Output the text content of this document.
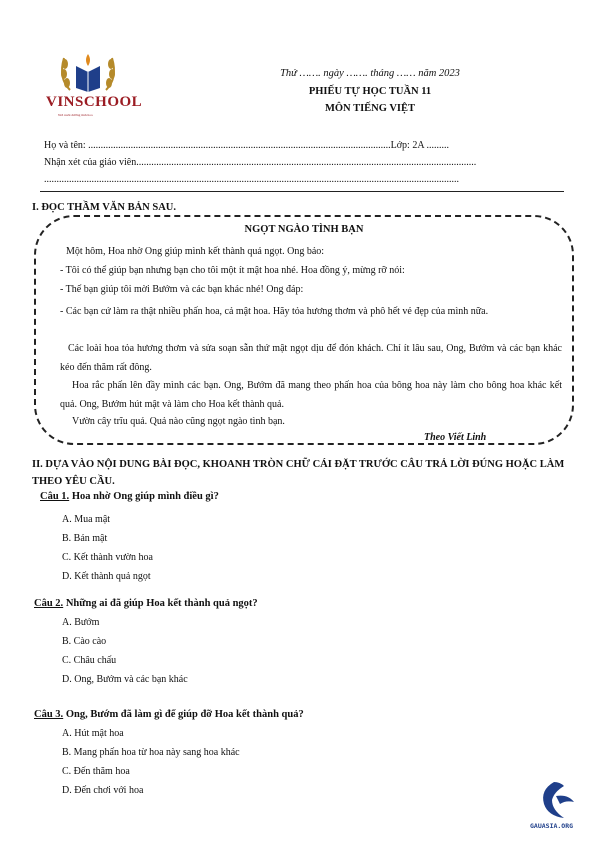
VINSCHOOL
Nơi nuôi dưỡng tinh hoa
Thứ ……. ngày ……. tháng …… năm 2023
PHIẾU TỰ HỌC TUẦN 11
MÔN TIẾNG VIỆT
Họ và tên: .........................................................................................................................Lớp: 2A .........
Nhận xét của giáo viên........................................................................................................................................
......................................................................................................................................................................
I. ĐỌC THẦM VĂN BẢN SAU.
NGỌT NGÀO TÌNH BẠN
Một hôm, Hoa nhờ Ong giúp mình kết thành quả ngọt. Ong bảo:
- Tôi có thể giúp bạn nhưng bạn cho tôi một ít mật hoa nhé. Hoa đồng ý, mừng rỡ nói:
- Thế bạn giúp tôi mời Bướm và các bạn khác nhé! Ong đáp:
- Các bạn cứ làm ra thật nhiều phấn hoa, cả mật hoa. Hãy tỏa hương thơm và phô hết vẻ đẹp của mình nữa.
Các loài hoa tỏa hương thơm và sửa soạn sẵn thứ mật ngọt dịu để đón khách. Chỉ ít lâu sau, Ong, Bướm và các bạn khác kéo đến thăm rất đông.
Hoa rắc phấn lên đầy mình các bạn. Ong, Bướm đã mang theo phấn hoa của bông hoa này làm cho bông hoa khác kết quả. Ong, Bướm hút mật và làm cho Hoa kết thành quả.
Vườn cây trĩu quả. Quả nào cũng ngọt ngào tình bạn.
Theo Viết Linh
II. DỰA VÀO NỘI DUNG BÀI ĐỌC, KHOANH TRÒN CHỮ CÁI ĐẶT TRƯỚC CÂU TRẢ LỜI ĐÚNG HOẶC LÀM THEO YÊU CẦU.
Câu 1. Hoa nhờ Ong giúp mình điều gì?
A. Mua mật
B. Bán mật
C. Kết thành vườn hoa
D. Kết thành quả ngọt
Câu 2. Những ai đã giúp Hoa kết thành quả ngọt?
A. Bướm
B. Cào cào
C. Châu chấu
D. Ong, Bướm và các bạn khác
Câu 3. Ong, Bướm đã làm gì để giúp đỡ Hoa kết thành quả?
A. Hút mật hoa
B. Mang phấn hoa từ hoa này sang hoa khác
C. Đến thăm hoa
D. Đến chơi với hoa
GAUASIA.ORG
